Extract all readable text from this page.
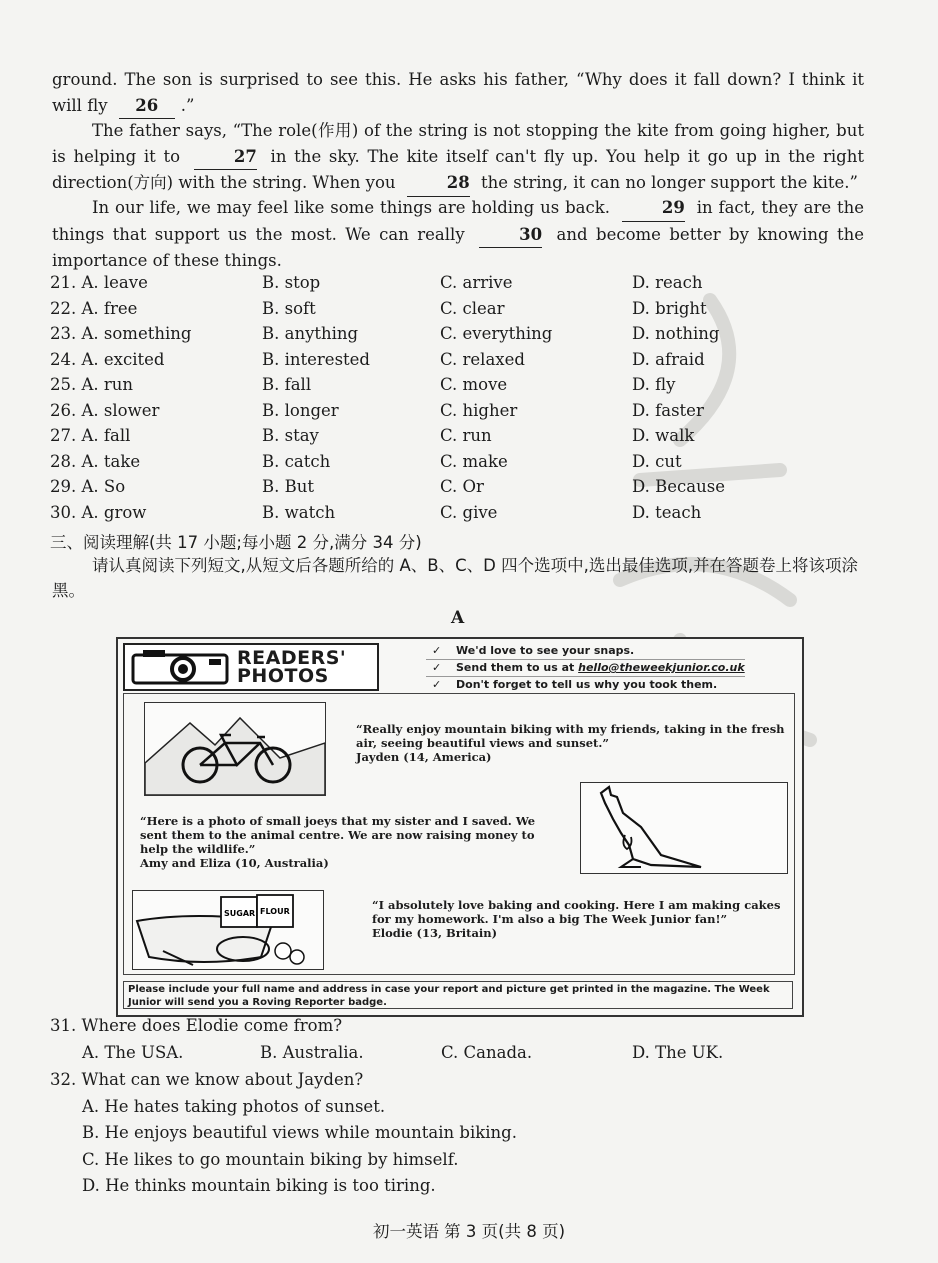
ground. The son is surprised to see this. He asks his father, “Why does it fall down? I think it will fly 26 .”

The father says, “The role(作用) of the string is not stopping the kite from going higher, but is helping it to	27 in the sky. The kite itself can't fly up. You help it go up in the right direction(方向) with the string. When you	28 the string, it can no longer support the kite.”

In our life, we may feel like some things are holding us back.	29 in fact, they are the things that support us the most. We can really	30 and become better by knowing the importance of these things.

21. A. leave	B. stop	C. arrive	D. reach
22. A. free	B. soft	C. clear	D. bright
23. A. something	B. anything	C. everything	D. nothing
24. A. excited	B. interested	C. relaxed	D. afraid
25. A. run	B. fall	C. move	D. fly
26. A. slower	B. longer	C. higher	D. faster
27. A. fall	B. stay	C. run	D. walk
28. A. take	B. catch	C. make	D. cut
29. A. So	B. But	C. Or	D. Because
30. A. grow	B. watch	C. give	D. teach
三、阅读理解(共 17 小题;每小题 2 分,满分 34 分)

请认真阅读下列短文,从短文后各题所给的 A、B、C、D 四个选项中,选出最佳选项,并在答题卷上将该项涂黑。

A
READERS'
PHOTOS
✓ We'd love to see your snaps.
✓ Send them to us at hello@theweekjunior.co.uk
✓ Don't forget to tell us why you took them.
“Really enjoy mountain biking with my friends, taking in the fresh air, seeing beautiful views and sunset.”
Jayden (14, America)
“Here is a photo of small joeys that my sister and I saved. We sent them to the animal centre. We are now raising money to help the wildlife.”
Amy and Eliza (10, Australia)
SUGAR FLOUR	“I absolutely love baking and cooking. Here I am making cakes for my homework. I'm also a big The Week Junior fan!”
Elodie (13, Britain)
Please include your full name and address in case your report and picture get printed in the magazine. The Week Junior will send you a Roving Reporter badge.
31. Where does Elodie come from?
A. The USA.	B. Australia.	C. Canada.	D. The UK.
32. What can we know about Jayden?
A. He hates taking photos of sunset.
B. He enjoys beautiful views while mountain biking.
C. He likes to go mountain biking by himself.
D. He thinks mountain biking is too tiring.
初一英语 第 3 页(共 8 页)
